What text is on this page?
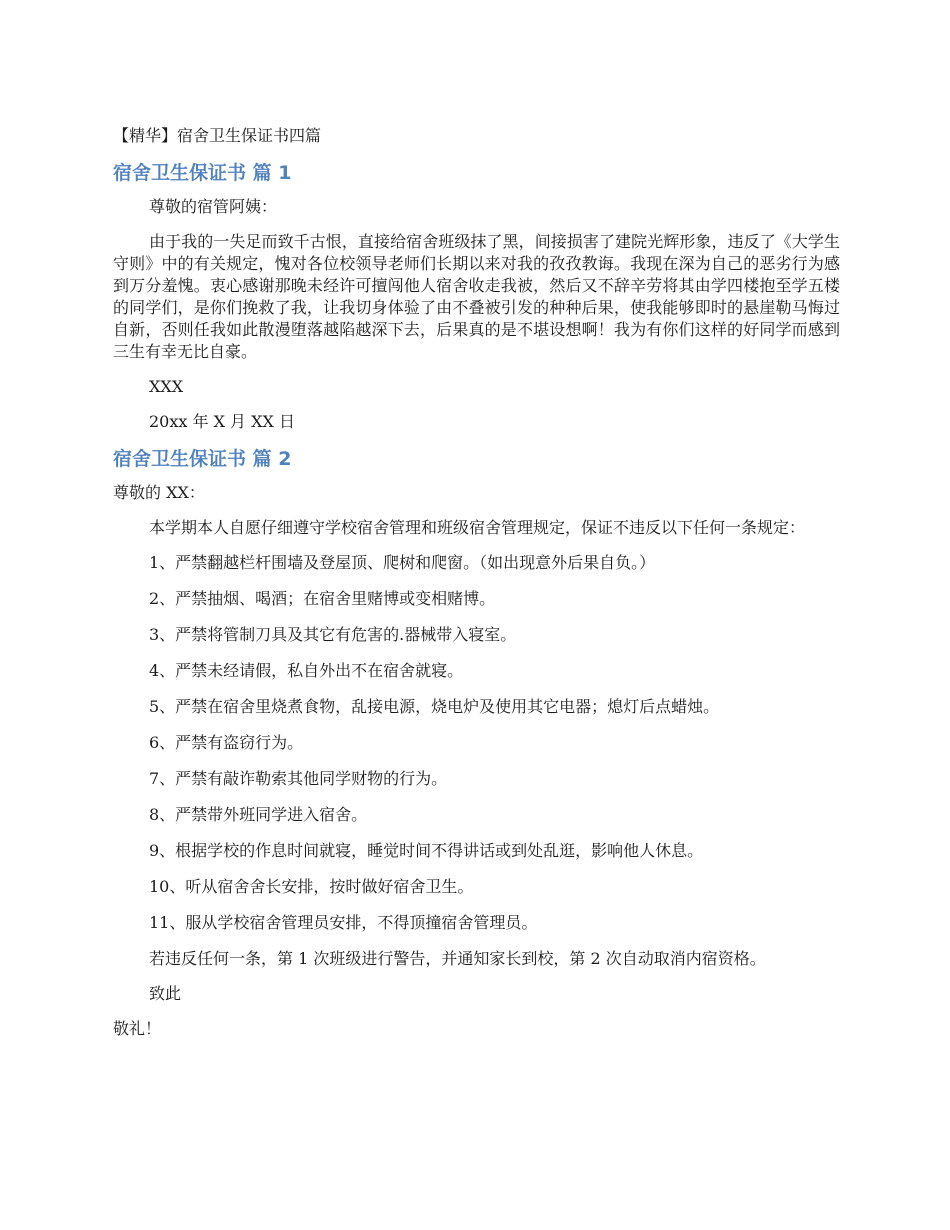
【精华】宿舍卫生保证书四篇
宿舍卫生保证书 篇 1

尊敬的宿管阿姨：

由于我的一失足而致千古恨，直接给宿舍班级抹了黑，间接损害了建院光辉形象，违反了《大学生守则》中的有关规定，愧对各位校领导老师们长期以来对我的孜孜教诲。我现在深为自己的恶劣行为感到万分羞愧。衷心感谢那晚未经许可擅闯他人宿舍收走我被，然后又不辞辛劳将其由学四楼抱至学五楼的同学们，是你们挽救了我，让我切身体验了由不叠被引发的种种后果，使我能够即时的悬崖勒马悔过自新，否则任我如此散漫堕落越陷越深下去，后果真的是不堪设想啊！我为有你们这样的好同学而感到三生有幸无比自豪。

XXX

20xx 年 X 月 XX 日

宿舍卫生保证书 篇 2

尊敬的 XX：

本学期本人自愿仔细遵守学校宿舍管理和班级宿舍管理规定，保证不违反以下任何一条规定：

1、严禁翻越栏杆围墙及登屋顶、爬树和爬窗。（如出现意外后果自负。）

2、严禁抽烟、喝酒；在宿舍里赌博或变相赌博。

3、严禁将管制刀具及其它有危害的.器械带入寝室。

4、严禁未经请假，私自外出不在宿舍就寝。

5、严禁在宿舍里烧煮食物，乱接电源，烧电炉及使用其它电器；熄灯后点蜡烛。

6、严禁有盗窃行为。

7、严禁有敲诈勒索其他同学财物的行为。

8、严禁带外班同学进入宿舍。

9、根据学校的作息时间就寝，睡觉时间不得讲话或到处乱逛，影响他人休息。

10、听从宿舍舍长安排，按时做好宿舍卫生。

11、服从学校宿舍管理员安排，不得顶撞宿舍管理员。

若违反任何一条，第 1 次班级进行警告，并通知家长到校，第 2 次自动取消内宿资格。

致此

敬礼！
